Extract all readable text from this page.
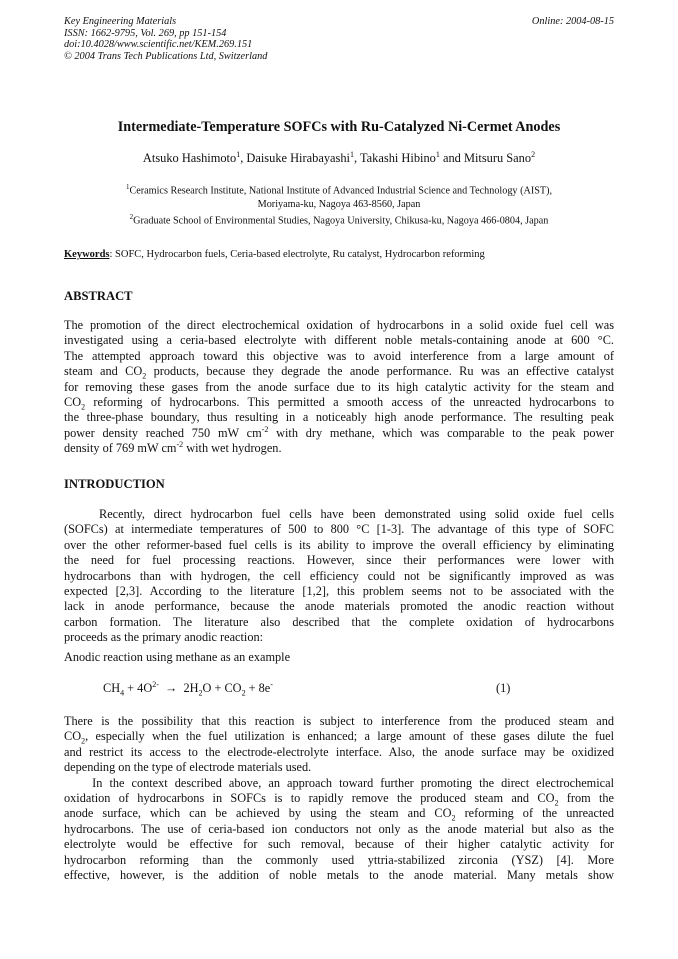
Key Engineering Materials
ISSN: 1662-9795, Vol. 269, pp 151-154
doi:10.4028/www.scientific.net/KEM.269.151
© 2004 Trans Tech Publications Ltd, Switzerland
Online: 2004-08-15
Intermediate-Temperature SOFCs with Ru-Catalyzed Ni-Cermet Anodes
Atsuko Hashimoto$^1$, Daisuke Hirabayashi$^1$, Takashi Hibino$^1$ and Mitsuru Sano$^2$
$^1$Ceramics Research Institute, National Institute of Advanced Industrial Science and Technology (AIST),
Moriyama-ku, Nagoya 463-8560, Japan
$^2$Graduate School of Environmental Studies, Nagoya University, Chikusa-ku, Nagoya 466-0804, Japan
Keywords: SOFC, Hydrocarbon fuels, Ceria-based electrolyte, Ru catalyst, Hydrocarbon reforming
ABSTRACT
The promotion of the direct electrochemical oxidation of hydrocarbons in a solid oxide fuel cell was
investigated using a ceria-based electrolyte with different noble metals-containing anode at 600 °C.
The attempted approach toward this objective was to avoid interference from a large amount of
steam and $CO_2$ products, because they degrade the anode performance. Ru was an effective catalyst
for removing these gases from the anode surface due to its high catalytic activity for the steam and
$CO_2$ reforming of hydrocarbons. This permitted a smooth access of the unreacted hydrocarbons to
the three-phase boundary, thus resulting in a noticeably high anode performance. The resulting peak
power density reached 750 mW $cm^{-2}$ with dry methane, which was comparable to the peak power
density of 769 mW $cm^{-2}$ with wet hydrogen.
INTRODUCTION
Recently, direct hydrocarbon fuel cells have been demonstrated using solid oxide fuel cells
(SOFCs) at intermediate temperatures of 500 to 800 °C [1-3]. The advantage of this type of SOFC
over the other reformer-based fuel cells is its ability to improve the overall efficiency by eliminating
the need for fuel processing reactions. However, since their performances were lower with
hydrocarbons than with hydrogen, the cell efficiency could not be significantly improved as was
expected [2,3]. According to the literature [1,2], this problem seems not to be associated with the
lack in anode performance, because the anode materials promoted the anodic reaction without
carbon formation. The literature also described that the complete oxidation of hydrocarbons
proceeds as the primary anodic reaction:
Anodic reaction using methane as an example
$CH_4 + 4O^{2-} \to 2H_2O + CO_2 + 8e^-$	(1)
There is the possibility that this reaction is subject to interference from the produced steam and
$CO_2$, especially when the fuel utilization is enhanced; a large amount of these gases dilute the fuel
and restrict its access to the electrode-electrolyte interface. Also, the anode surface may be oxidized
depending on the type of electrode materials used.
In the context described above, an approach toward further promoting the direct electrochemical
oxidation of hydrocarbons in SOFCs is to rapidly remove the produced steam and $CO_2$ from the
anode surface, which can be achieved by using the steam and $CO_2$ reforming of the unreacted
hydrocarbons. The use of ceria-based ion conductors not only as the anode material but also as the
electrolyte would be effective for such removal, because of their higher catalytic activity for
hydrocarbon reforming than the commonly used yttria-stabilized zirconia (YSZ) [4]. More
effective, however, is the addition of noble metals to the anode material. Many metals show
